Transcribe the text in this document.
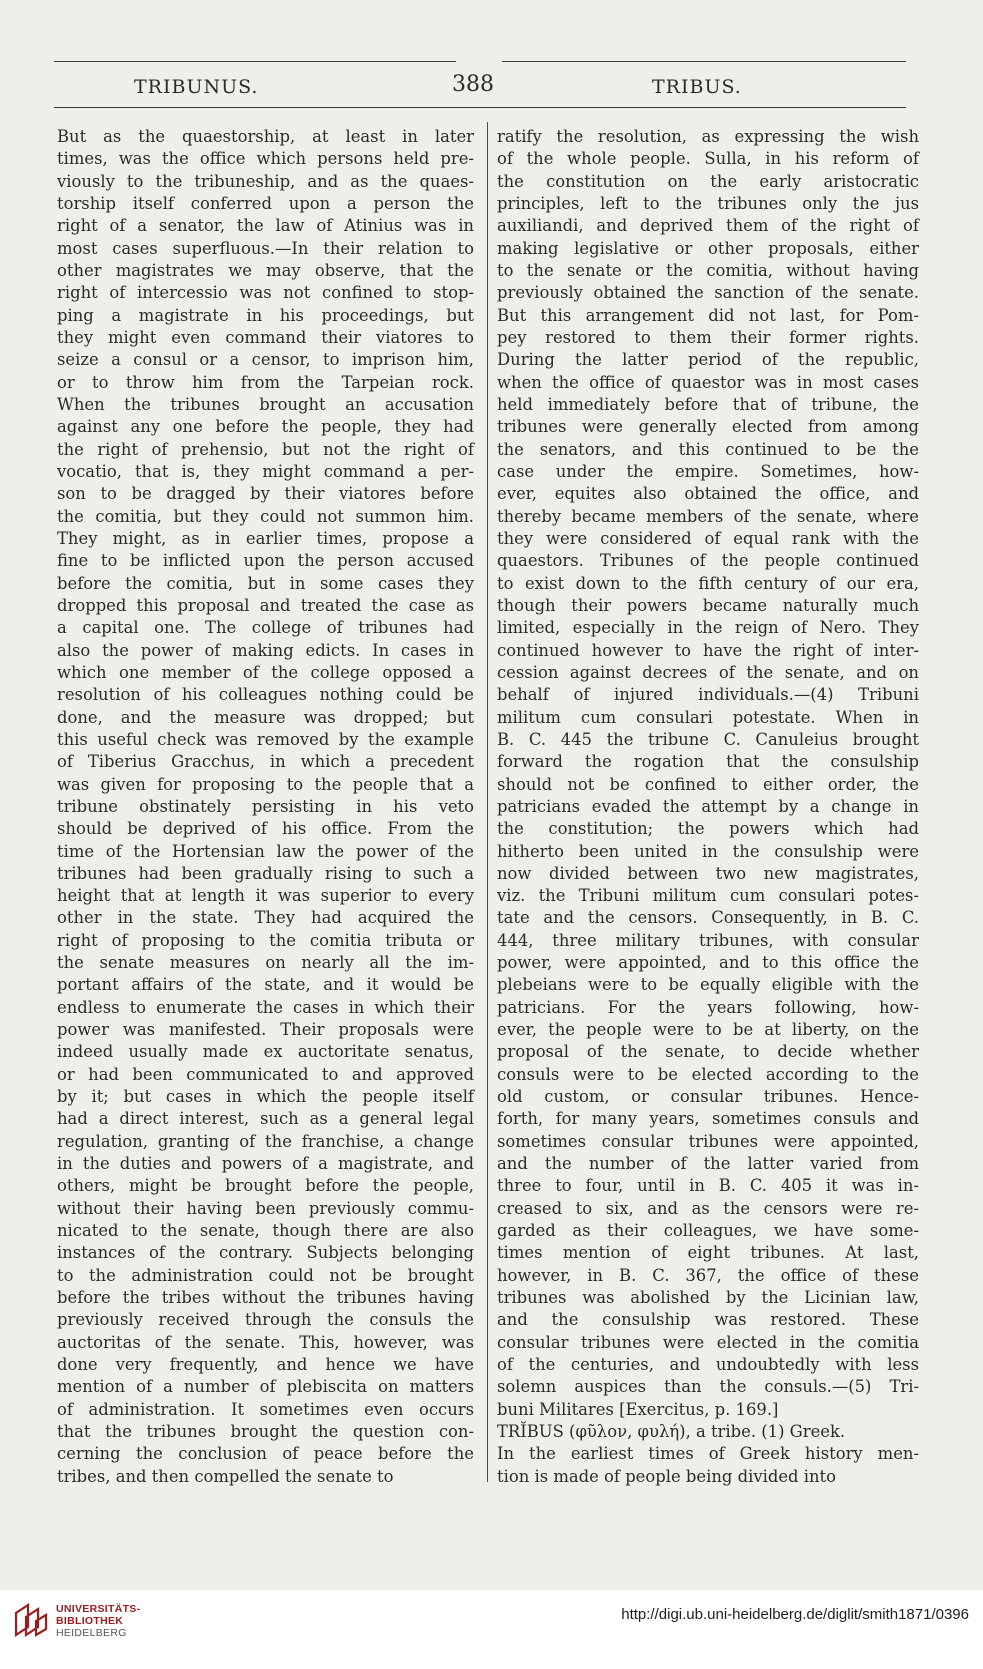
TRIBUNUS.	388	TRIBUS.
But as the quaestorship, at least in later
times, was the office which persons held pre-
viously to the tribuneship, and as the quaes-
torship itself conferred upon a person the
right of a senator, the law of Atinius was in
most cases superfluous.—In their relation to
other magistrates we may observe, that the
right of intercessio was not confined to stop-
ping a magistrate in his proceedings, but
they might even command their viatores to
seize a consul or a censor, to imprison him,
or to throw him from the Tarpeian rock.
When the tribunes brought an accusation
against any one before the people, they had
the right of prehensio, but not the right of
vocatio, that is, they might command a per-
son to be dragged by their viatores before
the comitia, but they could not summon him.
They might, as in earlier times, propose a
fine to be inflicted upon the person accused
before the comitia, but in some cases they
dropped this proposal and treated the case as
a capital one. The college of tribunes had
also the power of making edicts. In cases in
which one member of the college opposed a
resolution of his colleagues nothing could be
done, and the measure was dropped; but
this useful check was removed by the example
of Tiberius Gracchus, in which a precedent
was given for proposing to the people that a
tribune obstinately persisting in his veto
should be deprived of his office. From the
time of the Hortensian law the power of the
tribunes had been gradually rising to such a
height that at length it was superior to every
other in the state. They had acquired the
right of proposing to the comitia tributa or
the senate measures on nearly all the im-
portant affairs of the state, and it would be
endless to enumerate the cases in which their
power was manifested. Their proposals were
indeed usually made ex auctoritate senatus,
or had been communicated to and approved
by it; but cases in which the people itself
had a direct interest, such as a general legal
regulation, granting of the franchise, a change
in the duties and powers of a magistrate, and
others, might be brought before the people,
without their having been previously commu-
nicated to the senate, though there are also
instances of the contrary. Subjects belonging
to the administration could not be brought
before the tribes without the tribunes having
previously received through the consuls the
auctoritas of the senate. This, however, was
done very frequently, and hence we have
mention of a number of plebiscita on matters
of administration. It sometimes even occurs
that the tribunes brought the question con-
cerning the conclusion of peace before the
tribes, and then compelled the senate to
ratify the resolution, as expressing the wish
of the whole people. Sulla, in his reform of
the constitution on the early aristocratic
principles, left to the tribunes only the jus
auxiliandi, and deprived them of the right of
making legislative or other proposals, either
to the senate or the comitia, without having
previously obtained the sanction of the senate.
But this arrangement did not last, for Pom-
pey restored to them their former rights.
During the latter period of the republic,
when the office of quaestor was in most cases
held immediately before that of tribune, the
tribunes were generally elected from among
the senators, and this continued to be the
case under the empire. Sometimes, how-
ever, equites also obtained the office, and
thereby became members of the senate, where
they were considered of equal rank with the
quaestors. Tribunes of the people continued
to exist down to the fifth century of our era,
though their powers became naturally much
limited, especially in the reign of Nero. They
continued however to have the right of inter-
cession against decrees of the senate, and on
behalf of injured individuals.—(4) Tribuni
militum cum consulari potestate. When in
B. C. 445 the tribune C. Canuleius brought
forward the rogation that the consulship
should not be confined to either order, the
patricians evaded the attempt by a change in
the constitution; the powers which had
hitherto been united in the consulship were
now divided between two new magistrates,
viz. the Tribuni militum cum consulari potes-
tate and the censors. Consequently, in B. C.
444, three military tribunes, with consular
power, were appointed, and to this office the
plebeians were to be equally eligible with the
patricians. For the years following, how-
ever, the people were to be at liberty, on the
proposal of the senate, to decide whether
consuls were to be elected according to the
old custom, or consular tribunes. Hence-
forth, for many years, sometimes consuls and
sometimes consular tribunes were appointed,
and the number of the latter varied from
three to four, until in B. C. 405 it was in-
creased to six, and as the censors were re-
garded as their colleagues, we have some-
times mention of eight tribunes. At last,
however, in B. C. 367, the office of these
tribunes was abolished by the Licinian law,
and the consulship was restored. These
consular tribunes were elected in the comitia
of the centuries, and undoubtedly with less
solemn auspices than the consuls.—(5) Tri-
buni Militares [Exercitus, p. 169.]
TRĬBUS (φῦλον, φυλή), a tribe. (1) Greek.
In the earliest times of Greek history men-
tion is made of people being divided into
UNIVERSITÄTS-
BIBLIOTHEK
HEIDELBERG
http://digi.ub.uni-heidelberg.de/diglit/smith1871/0396
